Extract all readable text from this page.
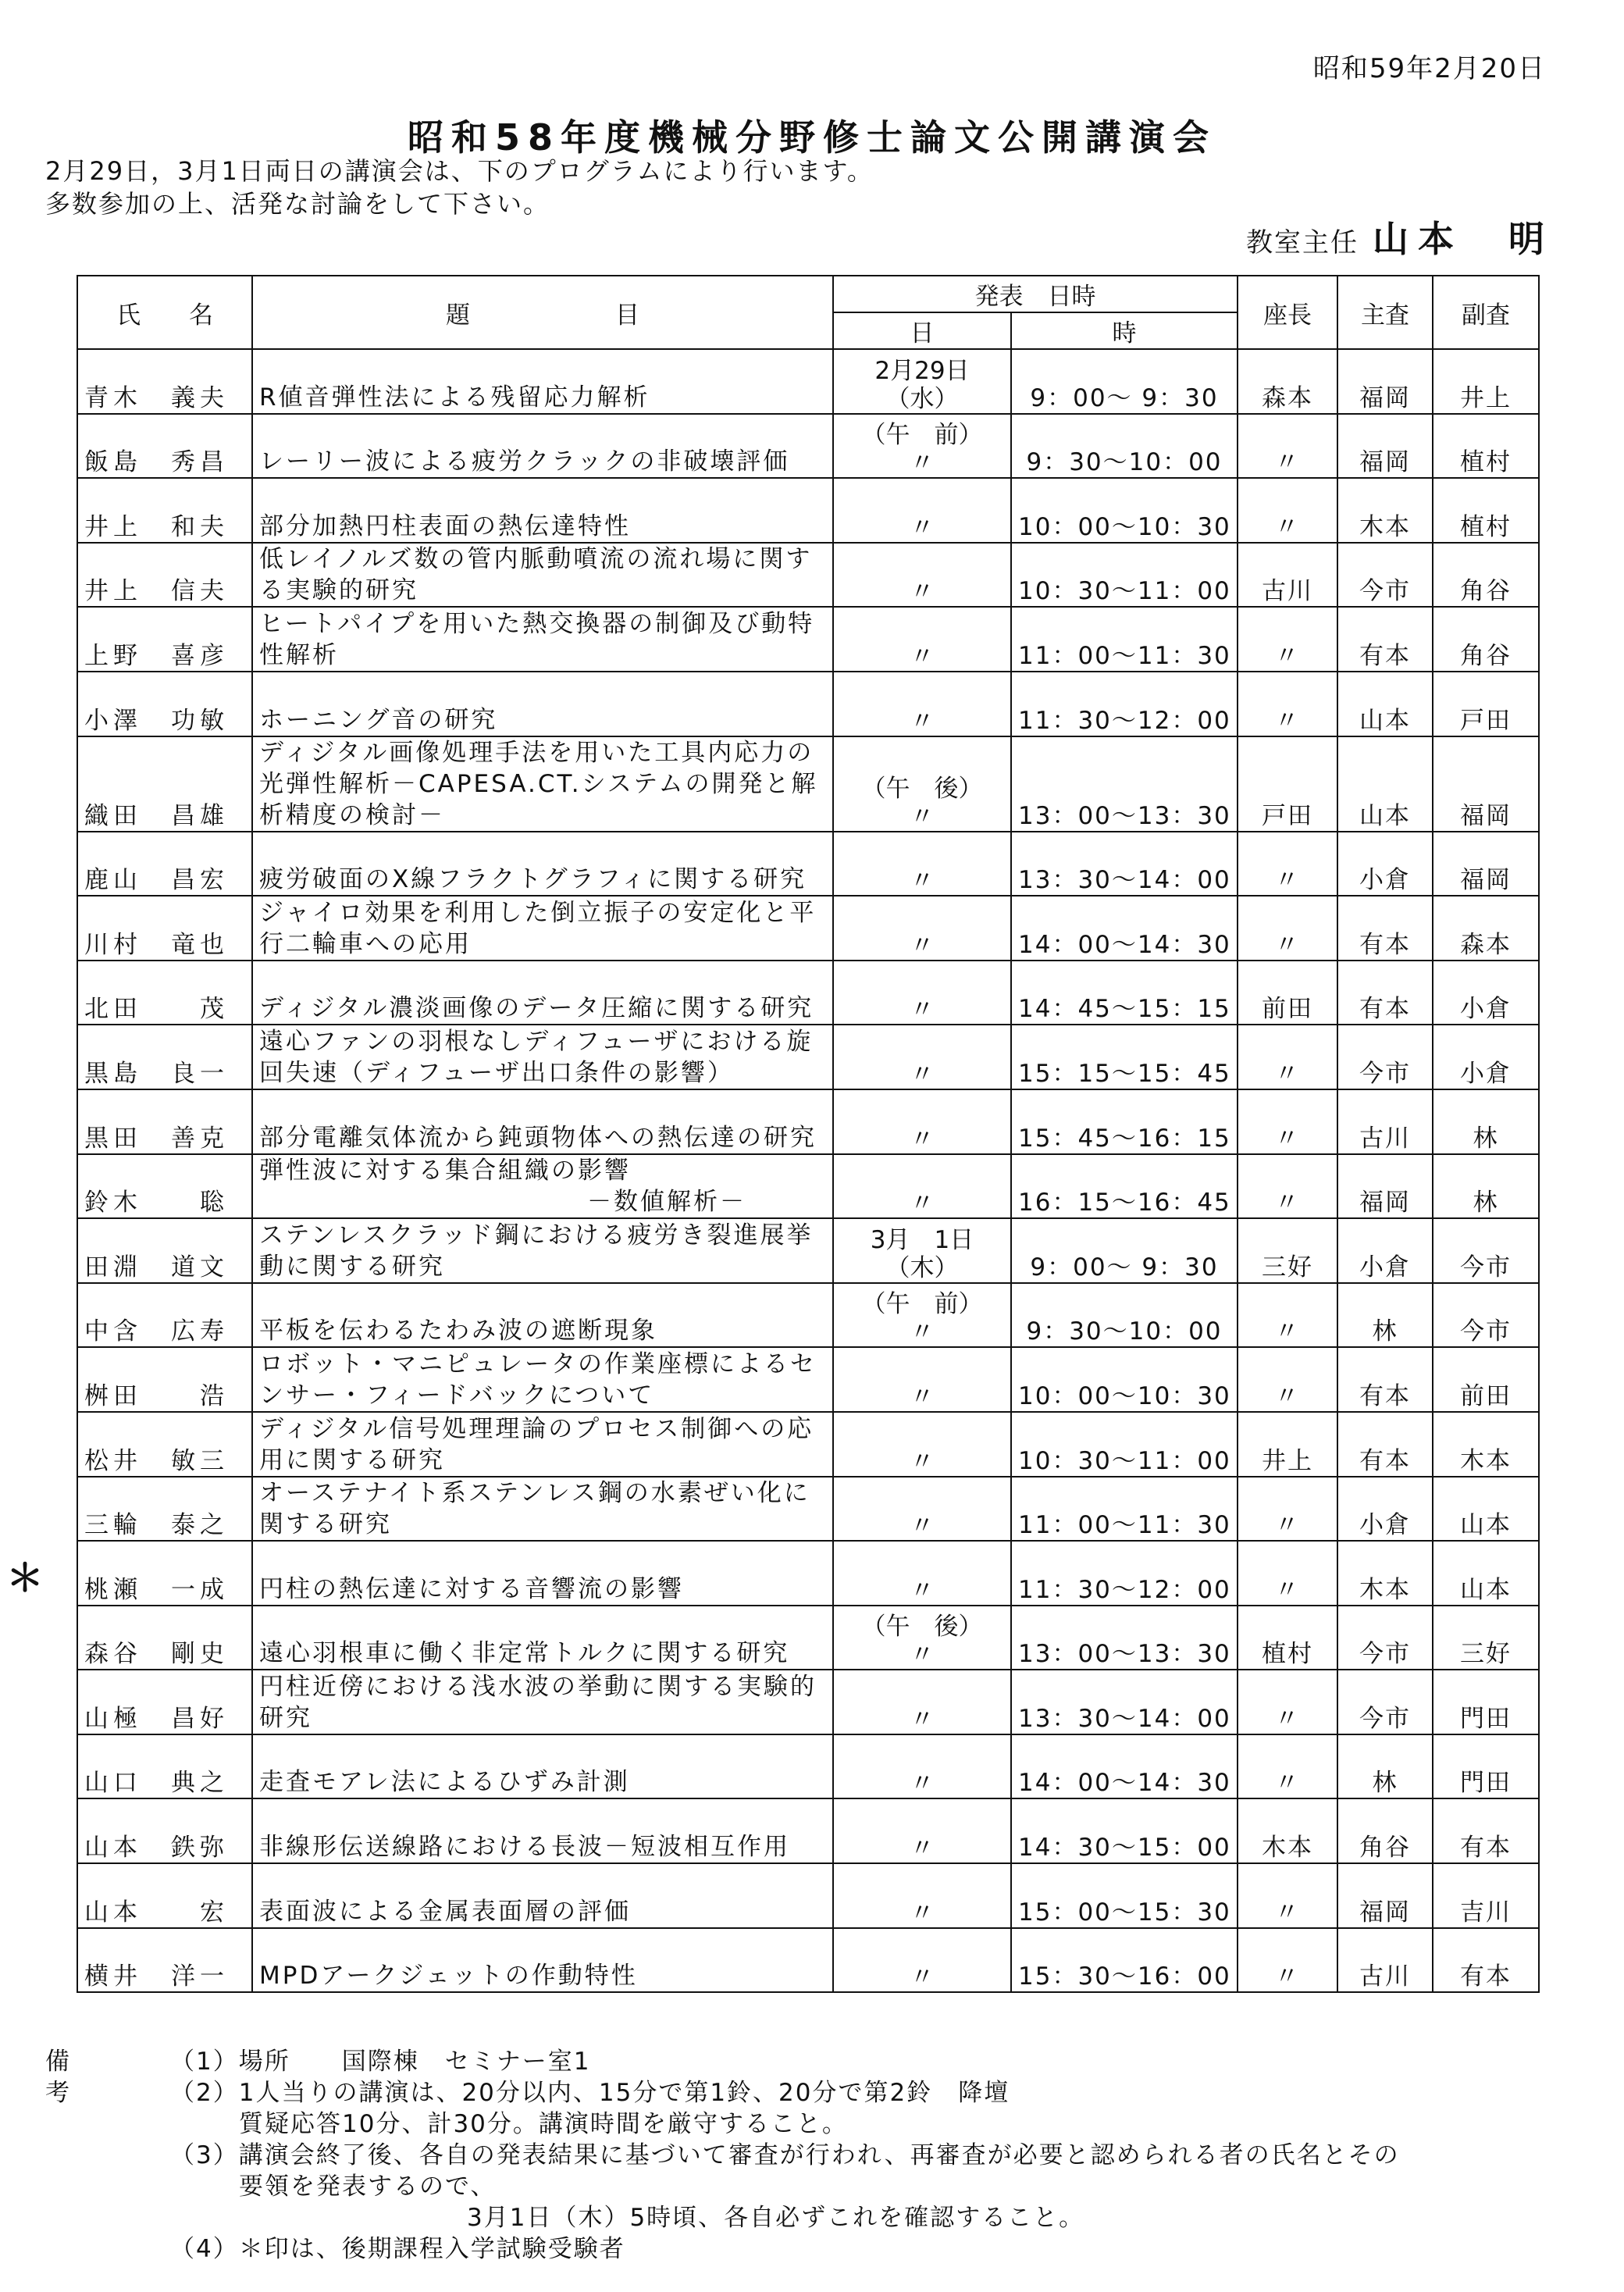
昭和59年2月20日
昭和58年度機械分野修士論文公開講演会
2月29日，3月1日両日の講演会は、下のプログラムにより行います。
多数参加の上、活発な討論をして下さい。
教室主任 山本　明
氏　　名	題　　　　　　目	発表　日時		座長	主査	副査
		日	時			

青木　義夫	R値音弾性法による残留応力解析	2月29日
（水）	9：00～ 9：30	森本	福岡	井上

飯島　秀昌	レーリー波による疲労クラックの非破壊評価	（午　前）
〃	9：30～10：00	〃	福岡	植村

井上　和夫	部分加熱円柱表面の熱伝達特性	〃	10：00～10：30	〃	木本	植村

井上　信夫	低レイノルズ数の管内脈動噴流の流れ場に関する実験的研究	〃	10：30～11：00	古川	今市	角谷

上野　喜彦	ヒートパイプを用いた熱交換器の制御及び動特性解析	〃	11：00～11：30	〃	有本	角谷

小澤　功敏	ホーニング音の研究	〃	11：30～12：00	〃	山本	戸田

織田　昌雄	ディジタル画像処理手法を用いた工具内応力の光弾性解析－CAPESA.CT.システムの開発と解析精度の検討－	（午　後）
〃	13：00～13：30	戸田	山本	福岡

鹿山　昌宏	疲労破面のX線フラクトグラフィに関する研究	〃	13：30～14：00	〃	小倉	福岡

川村　竜也	ジャイロ効果を利用した倒立振子の安定化と平行二輪車への応用	〃	14：00～14：30	〃	有本	森本

北田　　茂	ディジタル濃淡画像のデータ圧縮に関する研究	〃	14：45～15：15	前田	有本	小倉

黒島　良一	遠心ファンの羽根なしディフューザにおける旋回失速（ディフューザ出口条件の影響）	〃	15：15～15：45	〃	今市	小倉

黒田　善克	部分電離気体流から鈍頭物体への熱伝達の研究	〃	15：45～16：15	〃	古川	林

鈴木　　聡	弾性波に対する集合組織の影響
－数値解析－	〃	16：15～16：45	〃	福岡	林

田淵　道文	ステンレスクラッド鋼における疲労き裂進展挙動に関する研究	3月　1日
（木）	9：00～ 9：30	三好	小倉	今市

中含　広寿	平板を伝わるたわみ波の遮断現象	（午　前）
〃	9：30～10：00	〃	林	今市

桝田　　浩	ロボット・マニピュレータの作業座標によるセンサー・フィードバックについて	〃	10：00～10：30	〃	有本	前田

松井　敏三	ディジタル信号処理理論のプロセス制御への応用に関する研究	〃	10：30～11：00	井上	有本	木本

三輪　泰之	オーステナイト系ステンレス鋼の水素ぜい化に関する研究	〃	11：00～11：30	〃	小倉	山本

＊ 桃瀬　一成	円柱の熱伝達に対する音響流の影響	〃	11：30～12：00	〃	木本	山本

森谷　剛史	遠心羽根車に働く非定常トルクに関する研究	（午　後）
〃	13：00～13：30	植村	今市	三好

山極　昌好	円柱近傍における浅水波の挙動に関する実験的研究	〃	13：30～14：00	〃	今市	門田

山口　典之	走査モアレ法によるひずみ計測	〃	14：00～14：30	〃	林	門田

山本　鉄弥	非線形伝送線路における長波－短波相互作用	〃	14：30～15：00	木本	角谷	有本

山本　　宏	表面波による金属表面層の評価	〃	15：00～15：30	〃	福岡	吉川

横井　洋一	MPDアークジェットの作動特性	〃	15：30～16：00	〃	古川	有本
備考
（1）場所　　国際棟　セミナー室1
（2）1人当りの講演は、20分以内、15分で第1鈴、20分で第2鈴　降壇
質疑応答10分、計30分。講演時間を厳守すること。
（3）講演会終了後、各自の発表結果に基づいて審査が行われ、再審査が必要と認められる者の氏名とその
要領を発表するので、
3月1日（木）5時頃、各自必ずこれを確認すること。
（4）＊印は、後期課程入学試験受験者
